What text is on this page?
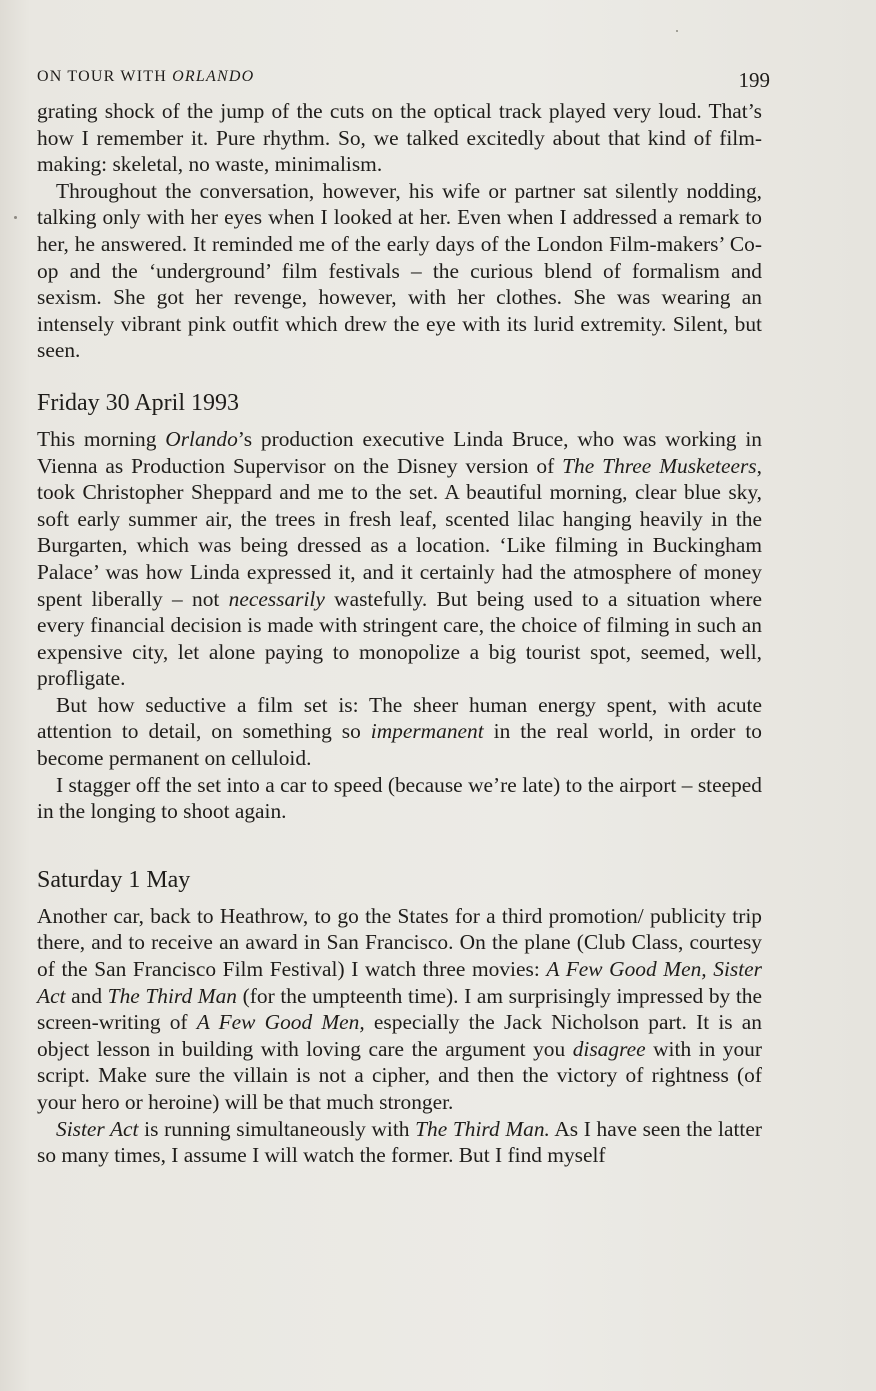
ON TOUR WITH ORLANDO	199

grating shock of the jump of the cuts on the optical track played very loud. That’s how I remember it. Pure rhythm. So, we talked excitedly about that kind of film-making: skeletal, no waste, minimalism.

Throughout the conversation, however, his wife or partner sat silently nodding, talking only with her eyes when I looked at her. Even when I addressed a remark to her, he answered. It reminded me of the early days of the London Film-makers’ Co-op and the ‘underground’ film festivals – the curious blend of formalism and sexism. She got her revenge, however, with her clothes. She was wearing an intensely vibrant pink outfit which drew the eye with its lurid extremity. Silent, but seen.

Friday 30 April 1993

This morning Orlando’s production executive Linda Bruce, who was working in Vienna as Production Supervisor on the Disney version of The Three Musketeers, took Christopher Sheppard and me to the set. A beautiful morning, clear blue sky, soft early summer air, the trees in fresh leaf, scented lilac hanging heavily in the Burgarten, which was being dressed as a location. ‘Like filming in Buckingham Palace’ was how Linda expressed it, and it certainly had the atmosphere of money spent liberally – not necessarily wastefully. But being used to a situation where every financial decision is made with stringent care, the choice of filming in such an expensive city, let alone paying to monopolize a big tourist spot, seemed, well, profligate.

But how seductive a film set is: The sheer human energy spent, with acute attention to detail, on something so impermanent in the real world, in order to become permanent on celluloid.

I stagger off the set into a car to speed (because we’re late) to the airport – steeped in the longing to shoot again.

Saturday 1 May

Another car, back to Heathrow, to go the States for a third promotion/ publicity trip there, and to receive an award in San Francisco. On the plane (Club Class, courtesy of the San Francisco Film Festival) I watch three movies: A Few Good Men, Sister Act and The Third Man (for the umpteenth time). I am surprisingly impressed by the screen-writing of A Few Good Men, especially the Jack Nicholson part. It is an object lesson in building with loving care the argument you disagree with in your script. Make sure the villain is not a cipher, and then the victory of rightness (of your hero or heroine) will be that much stronger.

Sister Act is running simultaneously with The Third Man. As I have seen the latter so many times, I assume I will watch the former. But I find myself
